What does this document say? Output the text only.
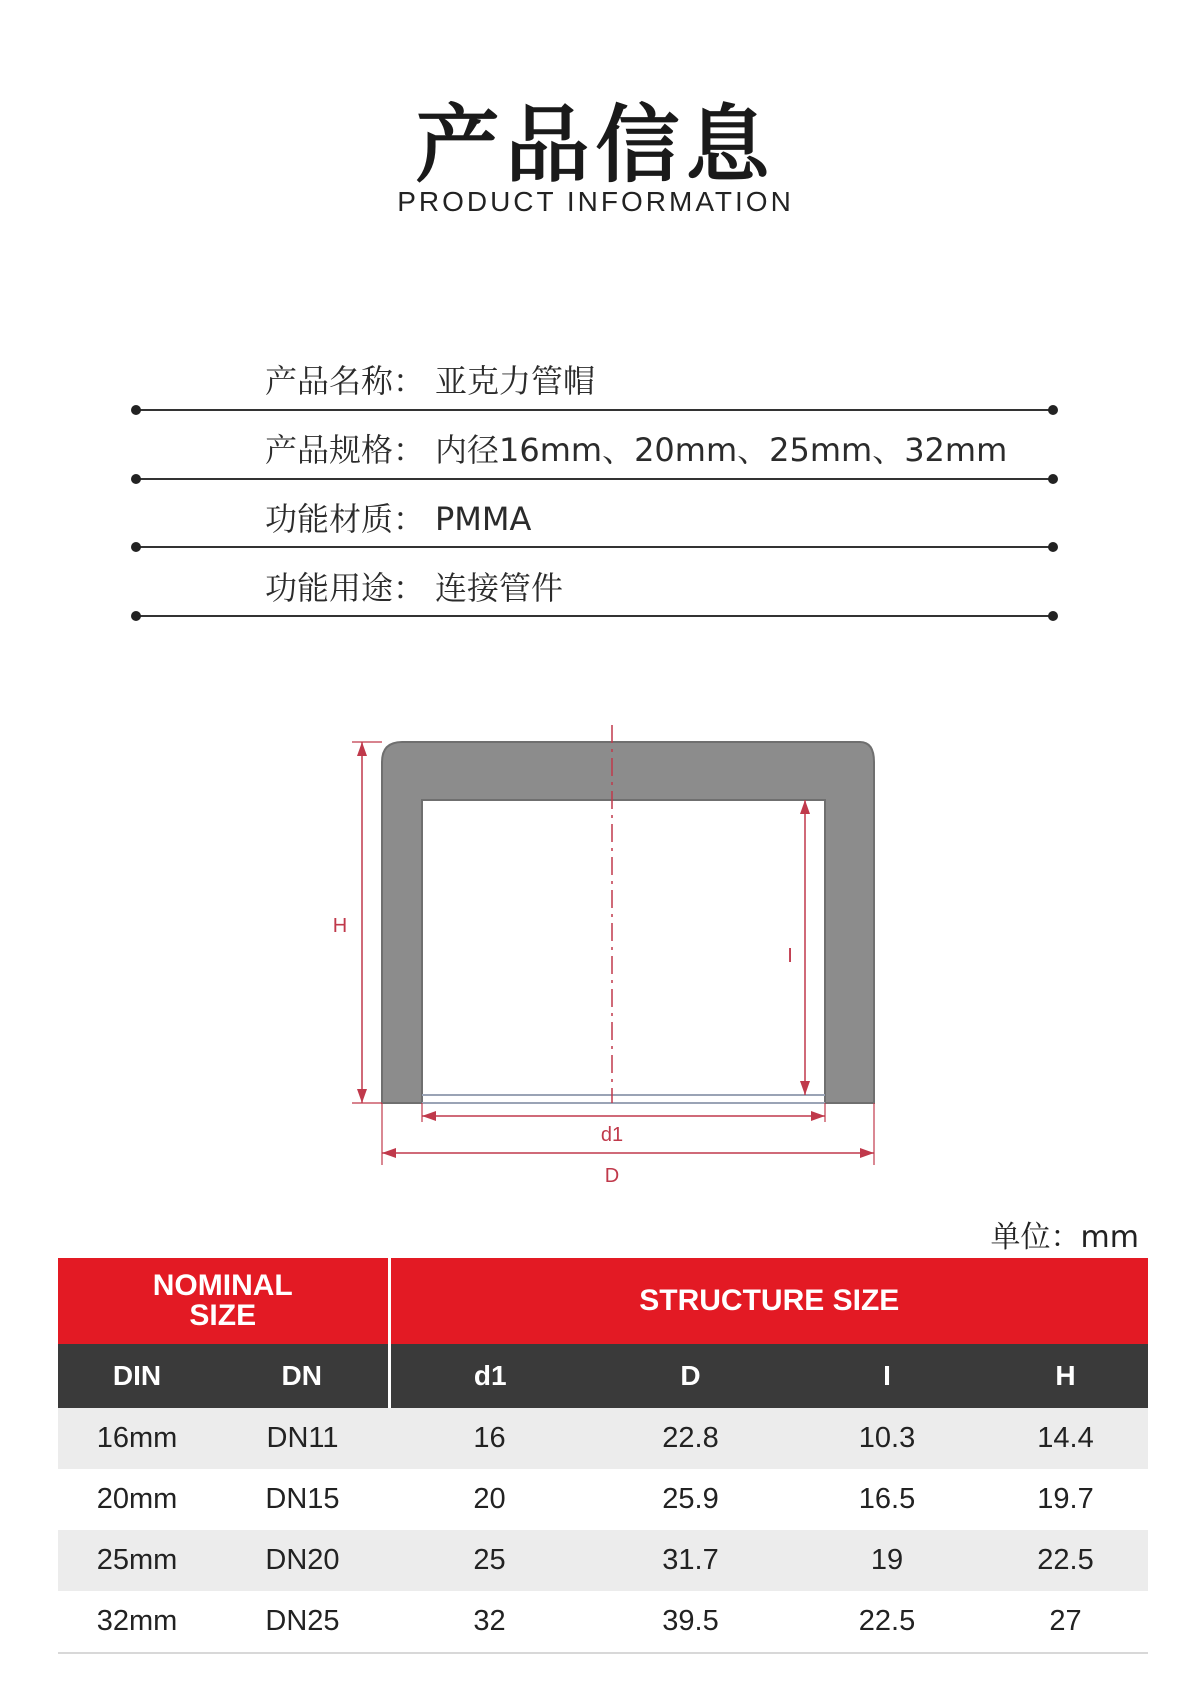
产品信息
PRODUCT INFORMATION
产品名称： 亚克力管帽
产品规格： 内径16mm、20mm、25mm、32mm
功能材质： PMMA
功能用途： 连接管件
H
I
d1
D
单位：mm
NOMINAL
SIZE		STRUCTURE SIZE			
DIN	DN	d1	D	I	H
16mm	DN11	16	22.8	10.3	14.4
20mm	DN15	20	25.9	16.5	19.7
25mm	DN20	25	31.7	19	22.5
32mm	DN25	32	39.5	22.5	27
